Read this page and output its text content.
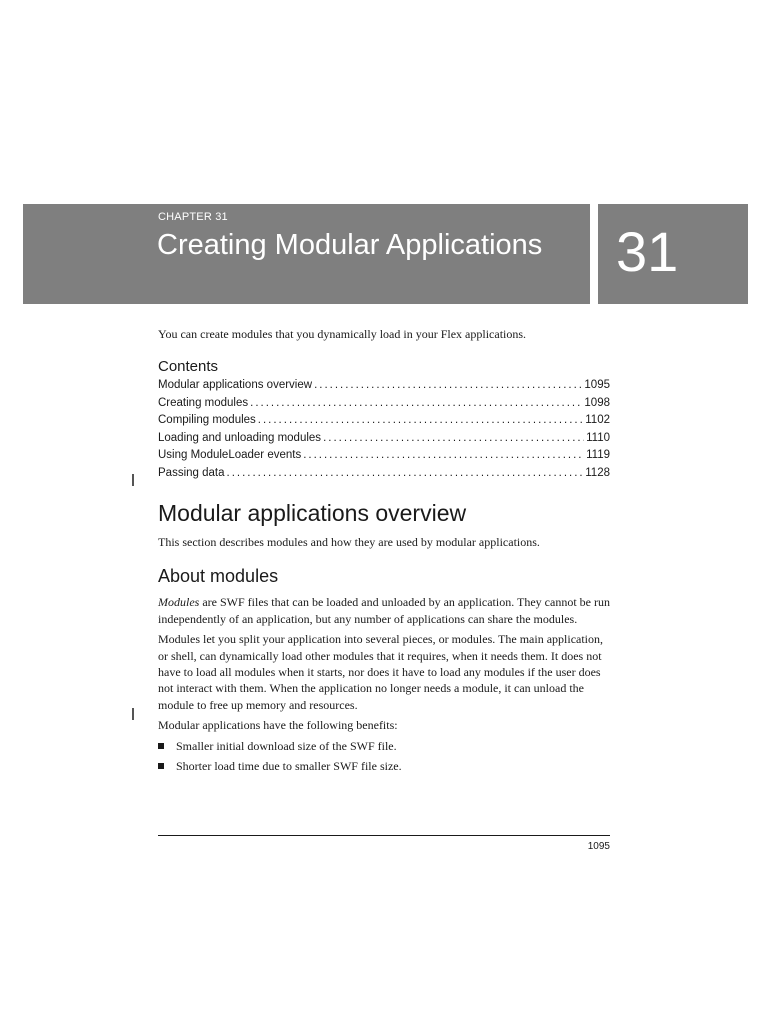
CHAPTER 31
Creating Modular Applications	31

You can create modules that you dynamically load in your Flex applications.

Contents
Modular applications overview . . .	1095
Creating modules . . .	1098
Compiling modules . . .	1102
Loading and unloading modules . . .	1110
Using ModuleLoader events . . .	1119
Passing data . . .	1128
Modular applications overview

This section describes modules and how they are used by modular applications.

About modules

Modules are SWF files that can be loaded and unloaded by an application. They cannot be run independently of an application, but any number of applications can share the modules.

Modules let you split your application into several pieces, or modules. The main application, or shell, can dynamically load other modules that it requires, when it needs them. It does not have to load all modules when it starts, nor does it have to load any modules if the user does not interact with them. When the application no longer needs a module, it can unload the module to free up memory and resources.

Modular applications have the following benefits:

Smaller initial download size of the SWF file.
Shorter load time due to smaller SWF file size.
1095
